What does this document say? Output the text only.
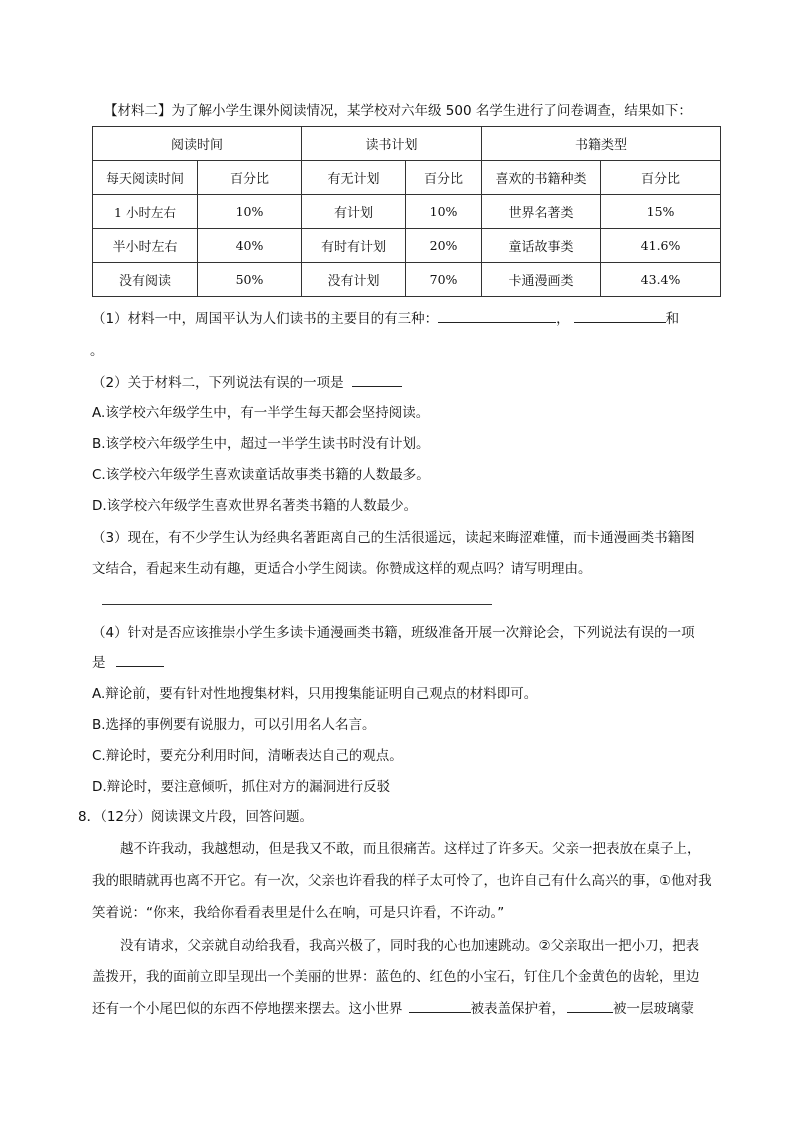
【材料二】为了解小学生课外阅读情况，某学校对六年级 500 名学生进行了问卷调查，结果如下：
阅读时间		读书计划		书籍类型	
每天阅读时间	百分比	有无计划	百分比	喜欢的书籍种类	百分比
1 小时左右	10%	有计划	10%	世界名著类	15%
半小时左右	40%	有时有计划	20%	童话故事类	41.6%
没有阅读	50%	没有计划	70%	卡通漫画类	43.4%
（1）材料一中，周国平认为人们读书的主要目的有三种：	，	和
。
（2）关于材料二，下列说法有误的一项是
A.该学校六年级学生中，有一半学生每天都会坚持阅读。
B.该学校六年级学生中，超过一半学生读书时没有计划。
C.该学校六年级学生喜欢读童话故事类书籍的人数最多。
D.该学校六年级学生喜欢世界名著类书籍的人数最少。
（3）现在，有不少学生认为经典名著距离自己的生活很遥远，读起来晦涩难懂，而卡通漫画类书籍图
文结合，看起来生动有趣，更适合小学生阅读。你赞成这样的观点吗？请写明理由。
（4）针对是否应该推崇小学生多读卡通漫画类书籍，班级准备开展一次辩论会，下列说法有误的一项
是
A.辩论前，要有针对性地搜集材料，只用搜集能证明自己观点的材料即可。
B.选择的事例要有说服力，可以引用名人名言。
C.辩论时，要充分利用时间，清晰表达自己的观点。
D.辩论时，要注意倾听，抓住对方的漏洞进行反驳
8．（12分）阅读课文片段，回答问题。
越不许我动，我越想动，但是我又不敢，而且很痛苦。这样过了许多天。父亲一把表放在桌子上，
我的眼睛就再也离不开它。有一次，父亲也许看我的样子太可怜了，也许自己有什么高兴的事，①他对我
笑着说：“你来，我给你看看表里是什么在响，可是只许看，不许动。”
没有请求，父亲就自动给我看，我高兴极了，同时我的心也加速跳动。②父亲取出一把小刀，把表
盖拨开，我的面前立即呈现出一个美丽的世界：蓝色的、红色的小宝石，钉住几个金黄色的齿轮，里边
还有一个小尾巴似的东西不停地摆来摆去。这小世界	被表盖保护着，	被一层玻璃蒙
